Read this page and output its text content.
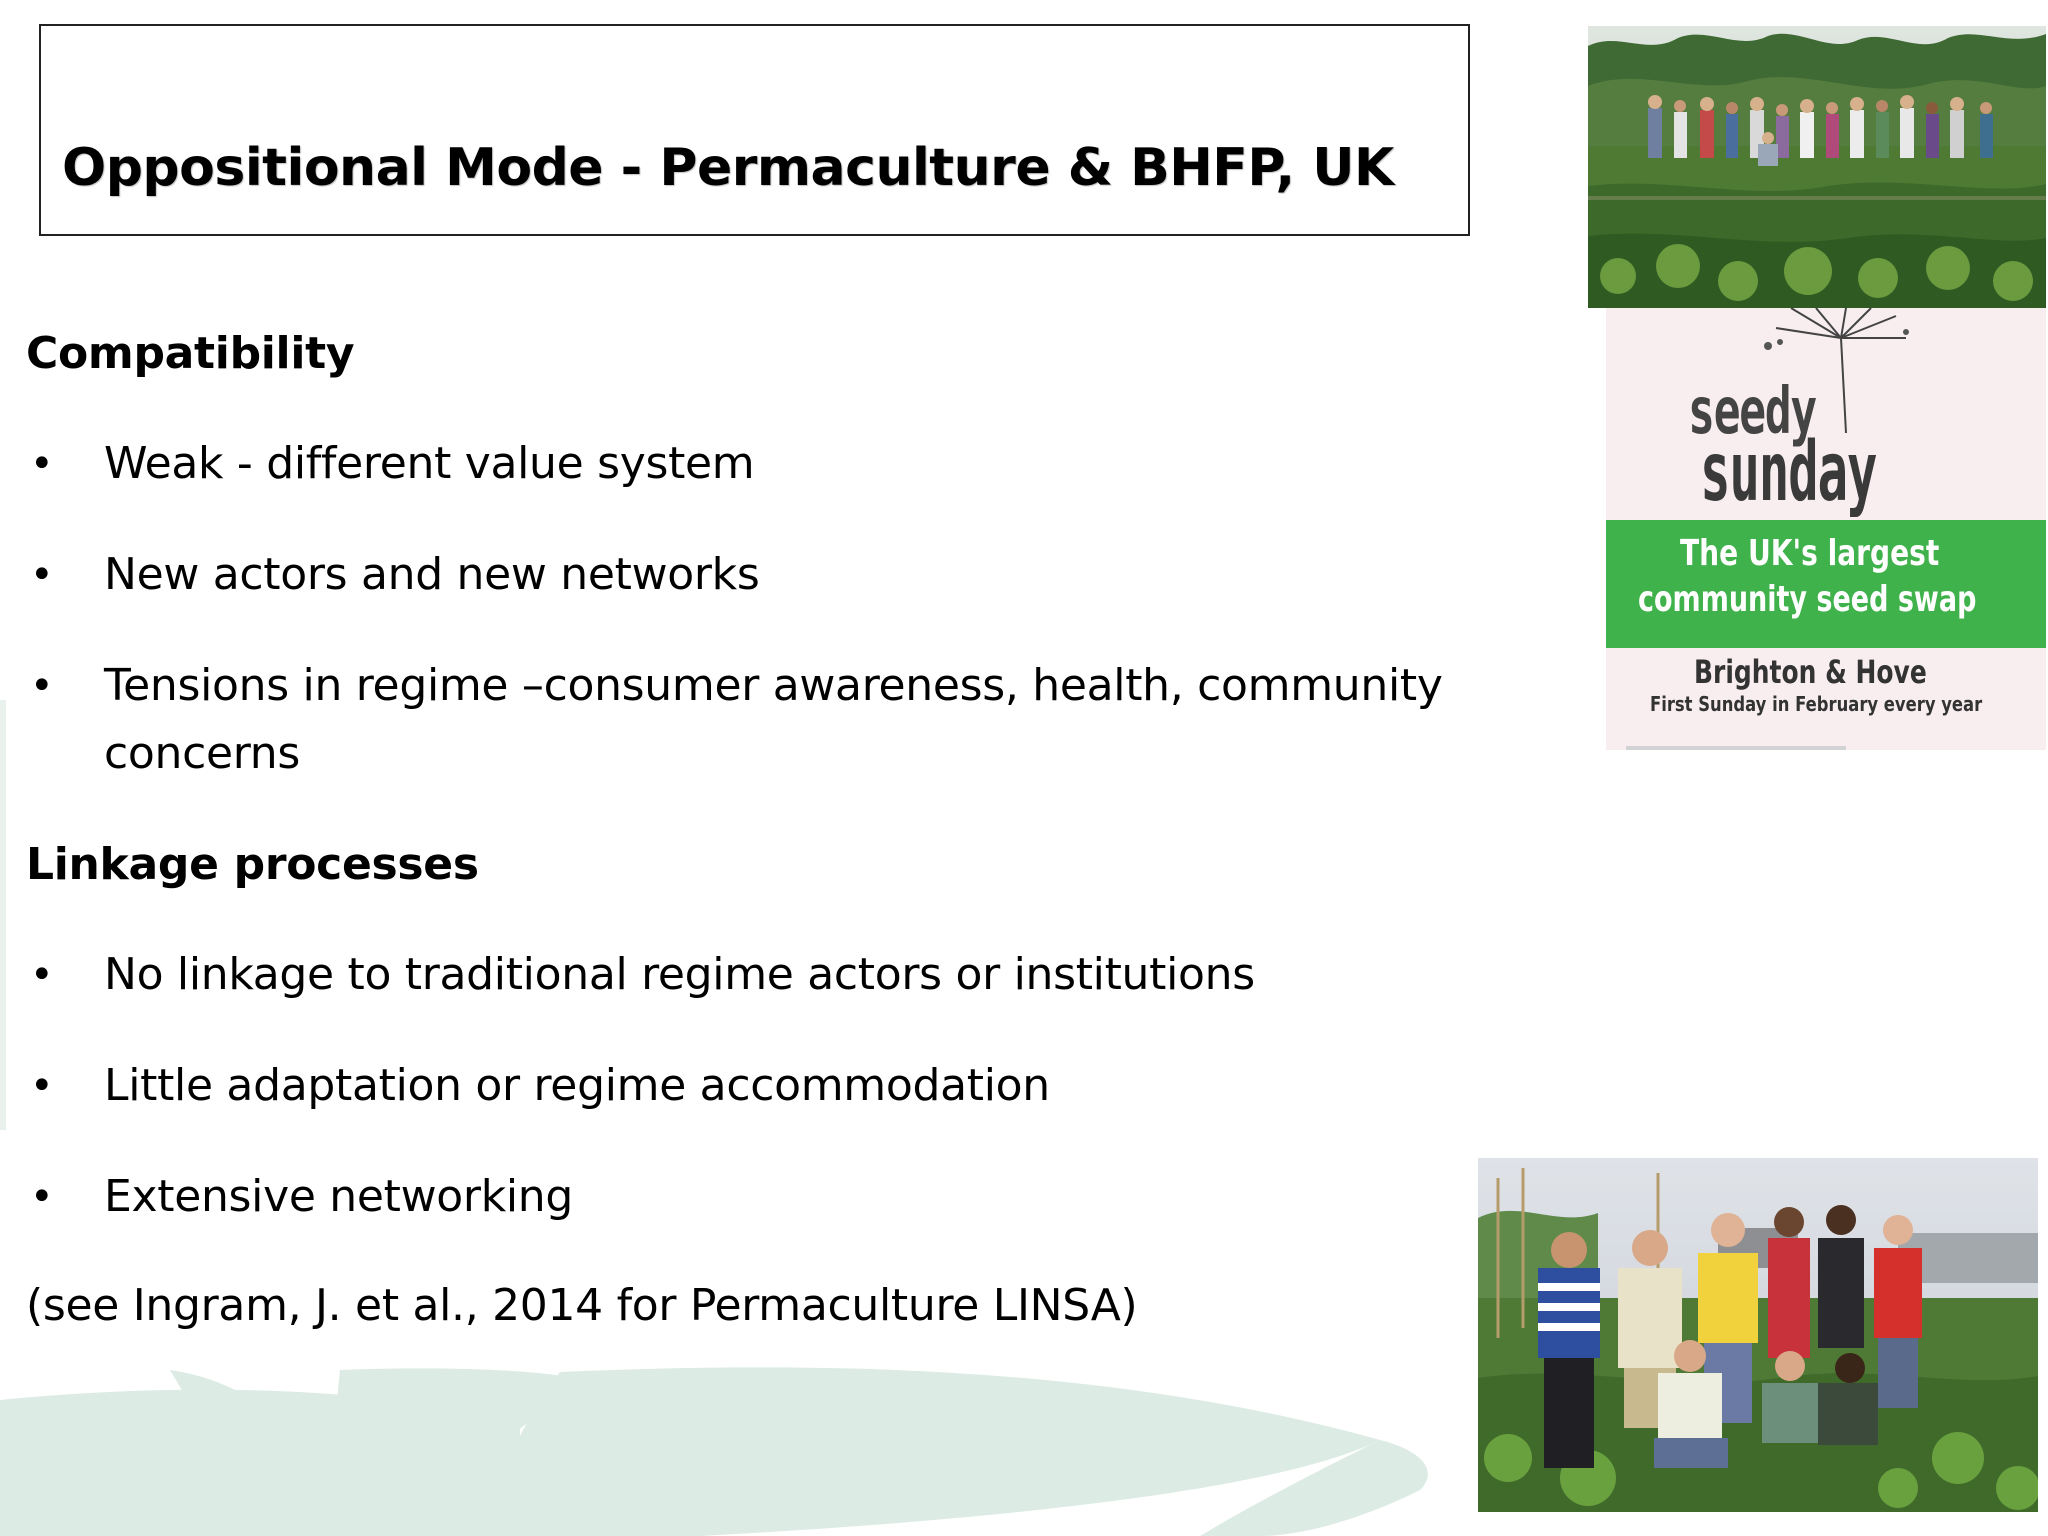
Oppositional Mode - Permaculture & BHFP, UK
Compatibility
• Weak - different value system
• New actors and new networks
• Tensions in regime –consumer awareness, health, community concerns
Linkage processes
• No linkage to traditional regime actors or institutions
• Little adaptation or regime accommodation
• Extensive networking
(see Ingram, J. et al., 2014 for Permaculture LINSA)
seedy
sunday
The UK's largest
community seed swap
Brighton & Hove
First Sunday in February every year
